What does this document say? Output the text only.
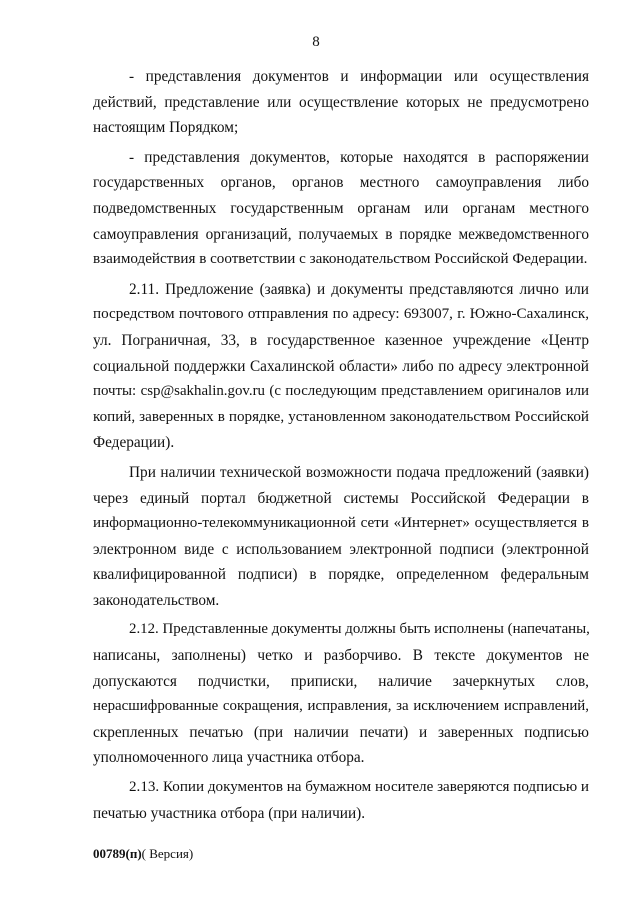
8

- представления документов и информации или осуществления
действий, представление или осуществление которых не предусмотрено
настоящим Порядком;

- представления документов, которые находятся в распоряжении
государственных органов, органов местного самоуправления либо
подведомственных государственным органам или органам местного
самоуправления организаций, получаемых в порядке межведомственного
взаимодействия в соответствии с законодательством Российской Федерации.

2.11. Предложение (заявка) и документы представляются лично или
посредством почтового отправления по адресу: 693007, г. Южно-Сахалинск,
ул. Пограничная, 33, в государственное казенное учреждение «Центр
социальной поддержки Сахалинской области» либо по адресу электронной
почты: csp@sakhalin.gov.ru (с последующим представлением оригиналов или
копий, заверенных в порядке, установленном законодательством Российской
Федерации).

При наличии технической возможности подача предложений (заявки)
через единый портал бюджетной системы Российской Федерации в
информационно-телекоммуникационной сети «Интернет» осуществляется в
электронном виде с использованием электронной подписи (электронной
квалифицированной подписи) в порядке, определенном федеральным
законодательством.

2.12. Представленные документы должны быть исполнены (напечатаны,
написаны, заполнены) четко и разборчиво. В тексте документов не
допускаются подчистки, приписки, наличие зачеркнутых слов,
нерасшифрованные сокращения, исправления, за исключением исправлений,
скрепленных печатью (при наличии печати) и заверенных подписью
уполномоченного лица участника отбора.

2.13. Копии документов на бумажном носителе заверяются подписью и
печатью участника отбора (при наличии).

00789(п)( Версия)
